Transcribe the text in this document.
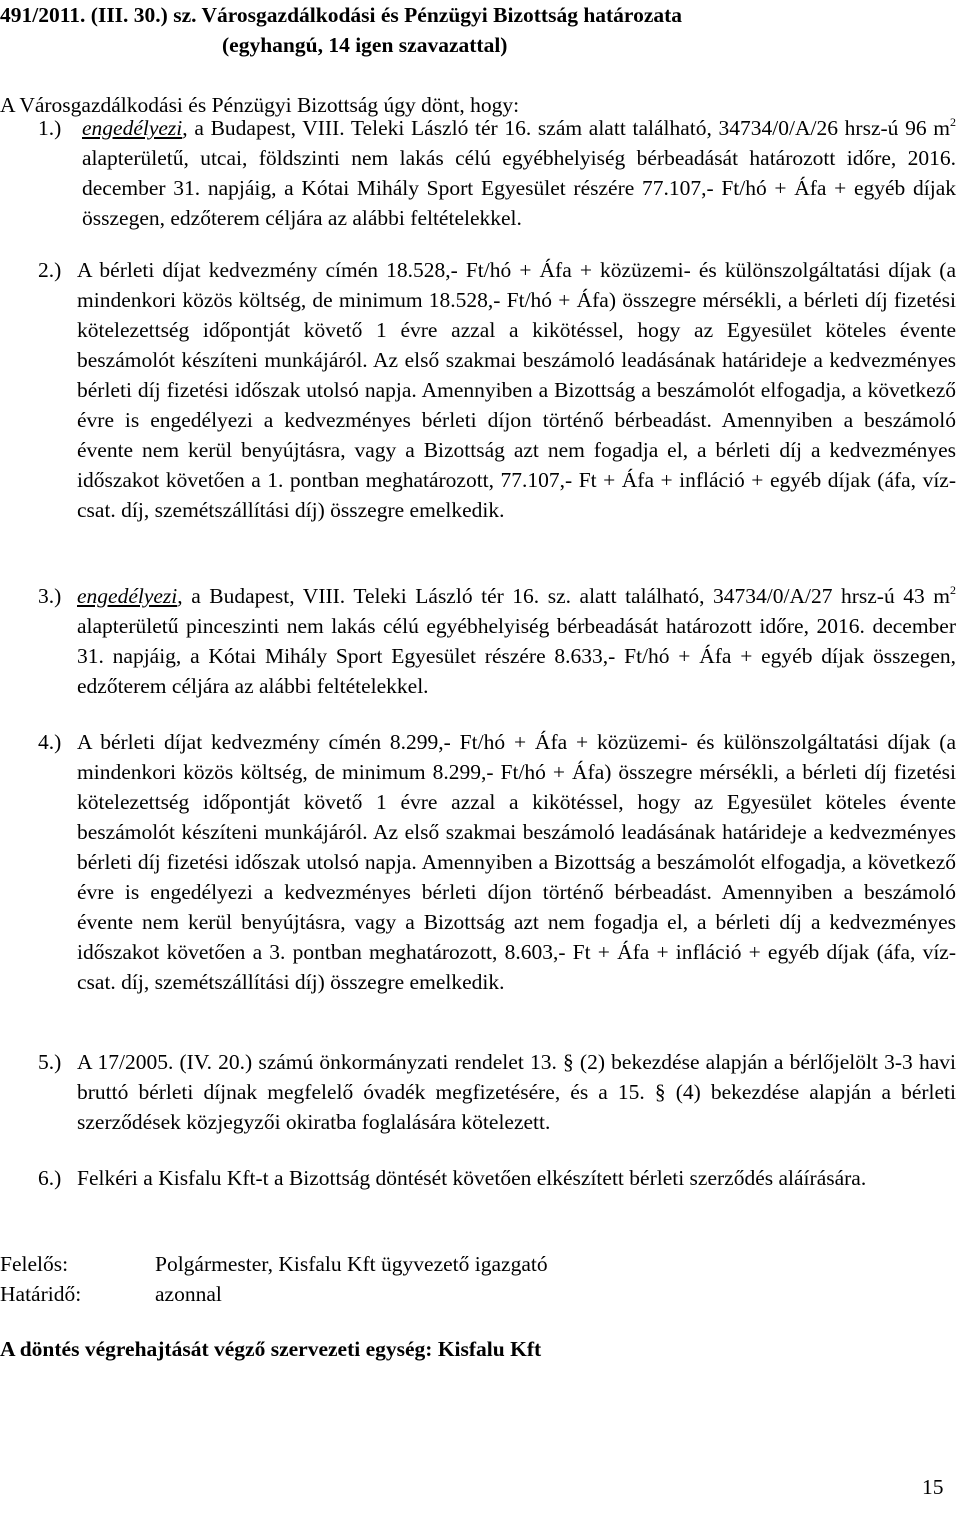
491/2011. (III. 30.) sz. Városgazdálkodási és Pénzügyi Bizottság határozata
(egyhangú, 14 igen szavazattal)
A Városgazdálkodási és Pénzügyi Bizottság úgy dönt, hogy:
1.) engedélyezi, a Budapest, VIII. Teleki László tér 16. szám alatt található, 34734/0/A/26 hrsz-ú 96 $m^2$ alapterületű, utcai, földszinti nem lakás célú egyébhelyiség bérbeadását határozott időre, 2016. december 31. napjáig, a Kótai Mihály Sport Egyesület részére 77.107,- Ft/hó + Áfa + egyéb díjak összegen, edzőterem céljára az alábbi feltételekkel.
2.) A bérleti díjat kedvezmény címén 18.528,- Ft/hó + Áfa + közüzemi- és különszolgáltatási díjak (a mindenkori közös költség, de minimum 18.528,- Ft/hó + Áfa) összegre mérsékli, a bérleti díj fizetési kötelezettség időpontját követő 1 évre azzal a kikötéssel, hogy az Egyesület köteles évente beszámolót készíteni munkájáról. Az első szakmai beszámoló leadásának határideje a kedvezményes bérleti díj fizetési időszak utolsó napja. Amennyiben a Bizottság a beszámolót elfogadja, a következő évre is engedélyezi a kedvezményes bérleti díjon történő bérbeadást. Amennyiben a beszámoló évente nem kerül benyújtásra, vagy a Bizottság azt nem fogadja el, a bérleti díj a kedvezményes időszakot követően a 1. pontban meghatározott, 77.107,- Ft + Áfa + infláció + egyéb díjak (áfa, víz-csat. díj, szemétszállítási díj) összegre emelkedik.
3.) engedélyezi, a Budapest, VIII. Teleki László tér 16. sz. alatt található, 34734/0/A/27 hrsz-ú 43 $m^2$ alapterületű pinceszinti nem lakás célú egyébhelyiség bérbeadását határozott időre, 2016. december 31. napjáig, a Kótai Mihály Sport Egyesület részére 8.633,- Ft/hó + Áfa + egyéb díjak összegen, edzőterem céljára az alábbi feltételekkel.
4.) A bérleti díjat kedvezmény címén 8.299,- Ft/hó + Áfa + közüzemi- és különszolgáltatási díjak (a mindenkori közös költség, de minimum 8.299,- Ft/hó + Áfa) összegre mérsékli, a bérleti díj fizetési kötelezettség időpontját követő 1 évre azzal a kikötéssel, hogy az Egyesület köteles évente beszámolót készíteni munkájáról. Az első szakmai beszámoló leadásának határideje a kedvezményes bérleti díj fizetési időszak utolsó napja. Amennyiben a Bizottság a beszámolót elfogadja, a következő évre is engedélyezi a kedvezményes bérleti díjon történő bérbeadást. Amennyiben a beszámoló évente nem kerül benyújtásra, vagy a Bizottság azt nem fogadja el, a bérleti díj a kedvezményes időszakot követően a 3. pontban meghatározott, 8.603,- Ft + Áfa + infláció + egyéb díjak (áfa, víz-csat. díj, szemétszállítási díj) összegre emelkedik.
5.) A 17/2005. (IV. 20.) számú önkormányzati rendelet 13. § (2) bekezdése alapján a bérlőjelölt 3-3 havi bruttó bérleti díjnak megfelelő óvadék megfizetésére, és a 15. § (4) bekezdése alapján a bérleti szerződések közjegyzői okiratba foglalására kötelezett.
6.) Felkéri a Kisfalu Kft-t a Bizottság döntését követően elkészített bérleti szerződés aláírására.
Felelős:	Polgármester, Kisfalu Kft ügyvezető igazgató
Határidő:	azonnal
A döntés végrehajtását végző szervezeti egység: Kisfalu Kft
15
